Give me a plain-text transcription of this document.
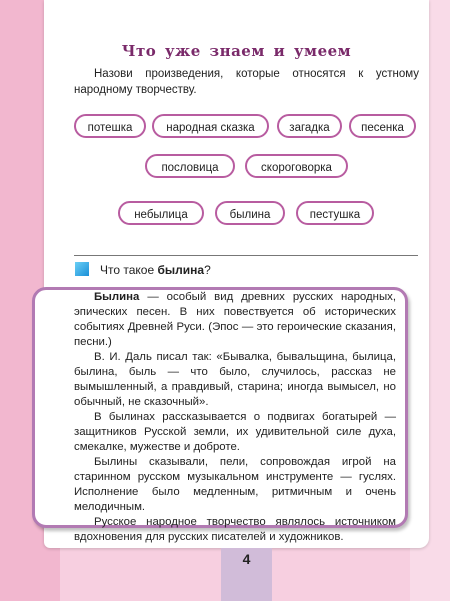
Что уже знаем и умеем
Назови произведения, которые относятся к устному народному творчеству.
потешка	народная сказка	загадка	песенка
пословица	скороговорка
небылица	былина	пестушка
Что такое былина?

Былина — особый вид древних русских народных, эпических песен. В них повествуется об исторических событиях Древней Руси. (Эпос — это героические сказания, песни.)

В. И. Даль писал так: «Бывалка, бывальщина, былица, былина, быль — что было, случилось, рассказ не вымышленный, а правдивый, старина; иногда вымысел, но обычный, не сказочный».

В былинах рассказывается о подвигах богатырей — защитников Русской земли, их удивительной силе духа, смекалке, мужестве и доброте.

Былины сказывали, пели, сопровождая игрой на старинном русском музыкальном инструменте — гуслях. Исполнение было медленным, ритмичным и очень мелодичным.

Русское народное творчество являлось источником вдохновения для русских писателей и художников.

4
